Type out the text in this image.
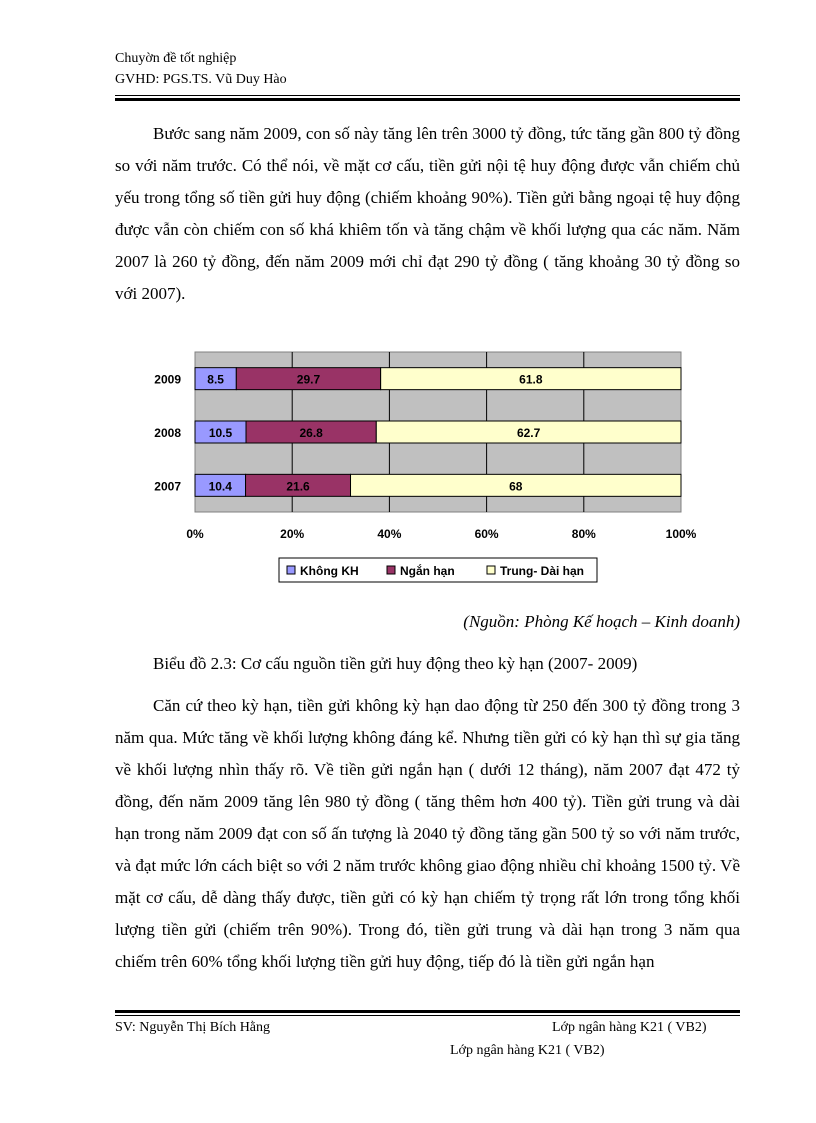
Chuyờn đề tốt nghiệp
GVHD: PGS.TS. Vũ Duy Hào
Bước sang năm 2009, con số này tăng lên trên 3000 tỷ đồng, tức tăng gần 800 tỷ đồng so với năm trước. Có thể nói, về mặt cơ cấu, tiền gửi nội tệ huy động được vẫn chiếm chủ yếu trong tổng số tiền gửi huy động (chiếm khoảng 90%). Tiền gửi bằng ngoại tệ huy động được vẫn còn chiếm con số khá khiêm tốn và tăng chậm về khối lượng qua các năm. Năm 2007 là 260 tỷ đồng, đến năm 2009 mới chỉ đạt 290 tỷ đồng ( tăng khoảng 30 tỷ đồng so với 2007).
0%	20%	40%	60%	80%	100%
2009 8.5	29.7	61.8
2008 10.5	26.8	62.7
2007 10.4	21.6	68
Không KH	Ngắn hạn	Trung- Dài hạn
(Nguồn: Phòng Kế hoạch – Kinh doanh)
Biểu đồ 2.3: Cơ cấu nguồn tiền gửi huy động theo kỳ hạn (2007- 2009)
Căn cứ theo kỳ hạn, tiền gửi không kỳ hạn dao động từ 250 đến 300 tỷ đồng trong 3 năm qua. Mức tăng về khối lượng không đáng kể. Nhưng tiền gửi có kỳ hạn thì sự gia tăng về khối lượng nhìn thấy rõ. Về tiền gửi ngắn hạn ( dưới 12 tháng), năm 2007 đạt 472 tỷ đồng, đến năm 2009 tăng lên 980 tỷ đồng ( tăng thêm hơn 400 tỷ). Tiền gửi trung và dài hạn trong năm 2009 đạt con số ấn tượng là 2040 tỷ đồng tăng gần 500 tỷ so với năm trước, và đạt mức lớn cách biệt so với 2 năm trước không giao động nhiều chỉ khoảng 1500 tỷ. Về mặt cơ cấu, dễ dàng thấy được, tiền gửi có kỳ hạn chiếm tỷ trọng rất lớn trong tổng khối lượng tiền gửi (chiếm trên 90%). Trong đó, tiền gửi trung và dài hạn trong 3 năm qua chiếm trên 60% tổng khối lượng tiền gửi huy động, tiếp đó là tiền gửi ngắn hạn
SV: Nguyễn Thị Bích Hằng	Lớp ngân hàng K21 ( VB2)
Lớp ngân hàng K21 ( VB2)
